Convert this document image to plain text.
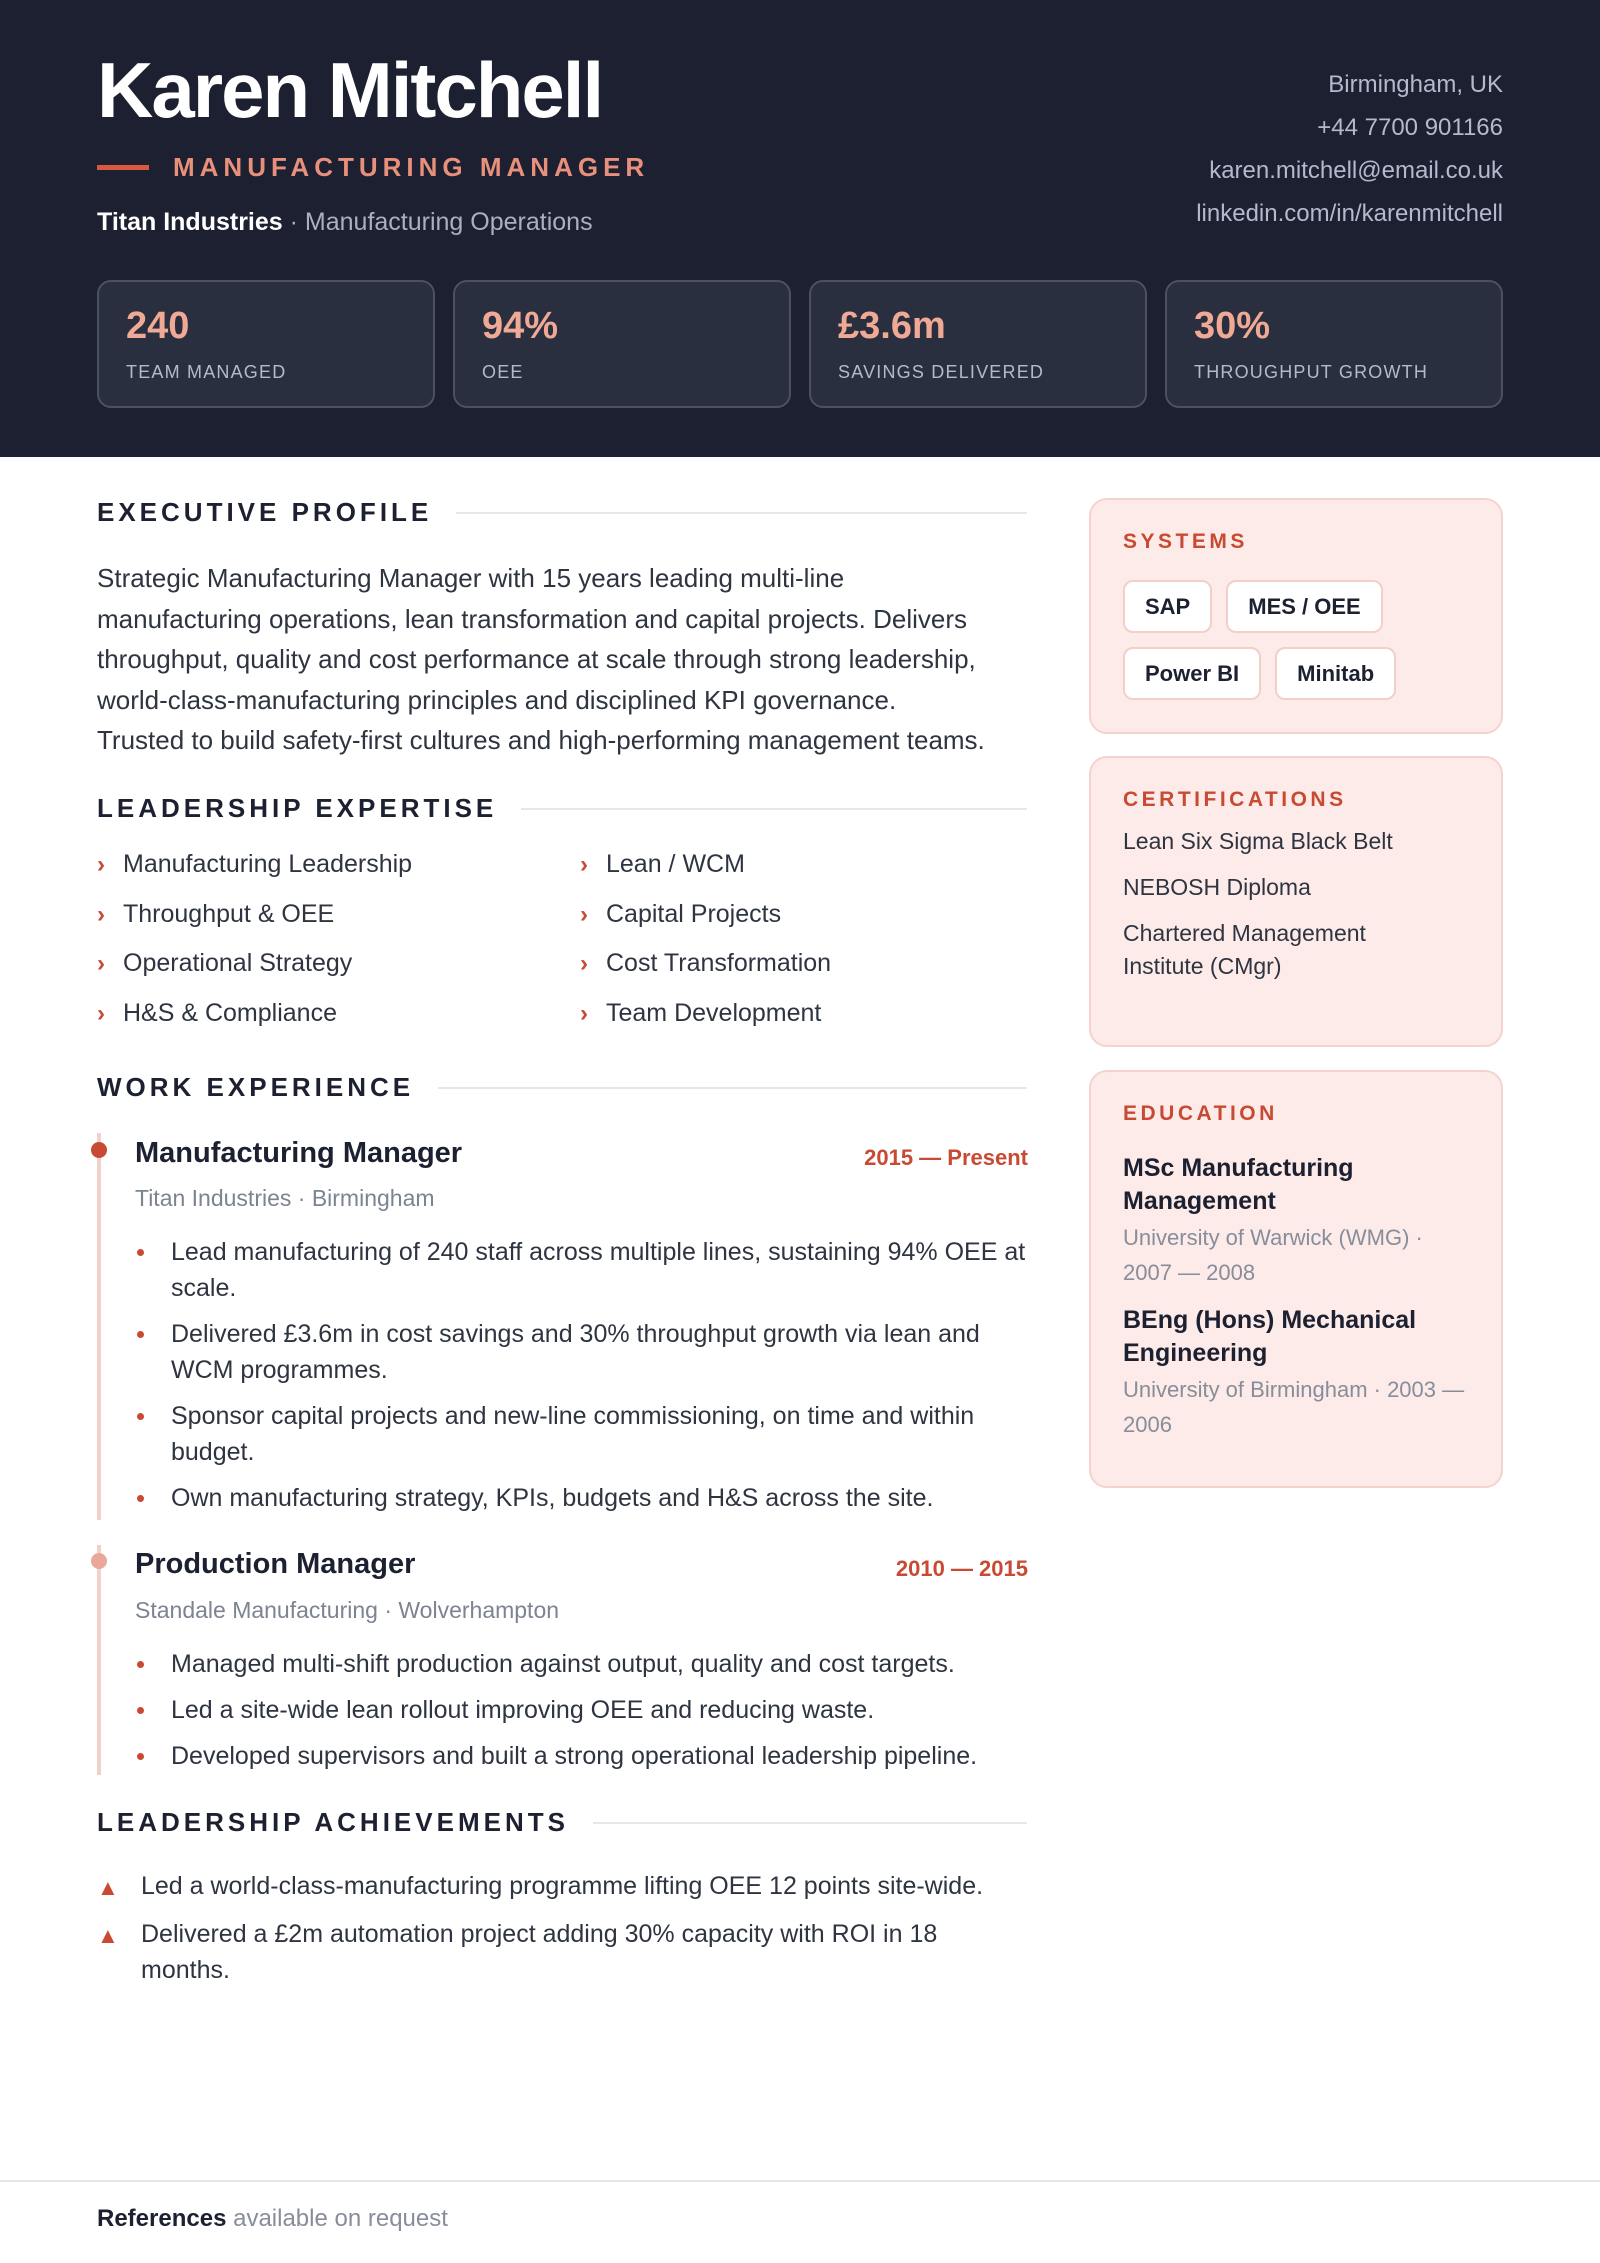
Karen Mitchell
MANUFACTURING MANAGER
Titan Industries · Manufacturing Operations
Birmingham, UK
+44 7700 901166
karen.mitchell@email.co.uk
linkedin.com/in/karenmitchell
240
TEAM MANAGED
94%
OEE
£3.6m
SAVINGS DELIVERED
30%
THROUGHPUT GROWTH
EXECUTIVE PROFILE
Strategic Manufacturing Manager with 15 years leading multi-line
manufacturing operations, lean transformation and capital projects. Delivers
throughput, quality and cost performance at scale through strong leadership,
world-class-manufacturing principles and disciplined KPI governance.
Trusted to build safety-first cultures and high-performing management teams.
LEADERSHIP EXPERTISE
› Manufacturing Leadership	› Lean / WCM
› Throughput & OEE	› Capital Projects
› Operational Strategy	› Cost Transformation
› H&S & Compliance	› Team Development
WORK EXPERIENCE
Manufacturing Manager	2015 — Present
Titan Industries · Birmingham
Lead manufacturing of 240 staff across multiple lines, sustaining 94% OEE at scale.
Delivered £3.6m in cost savings and 30% throughput growth via lean and WCM programmes.
Sponsor capital projects and new-line commissioning, on time and within budget.
Own manufacturing strategy, KPIs, budgets and H&S across the site.
Production Manager	2010 — 2015
Standale Manufacturing · Wolverhampton
Managed multi-shift production against output, quality and cost targets.
Led a site-wide lean rollout improving OEE and reducing waste.
Developed supervisors and built a strong operational leadership pipeline.
LEADERSHIP ACHIEVEMENTS
▲ Led a world-class-manufacturing programme lifting OEE 12 points site-wide.
▲ Delivered a £2m automation project adding 30% capacity with ROI in 18 months.
SYSTEMS
SAP	MES / OEE
Power BI	Minitab
CERTIFICATIONS
Lean Six Sigma Black Belt
NEBOSH Diploma
Chartered Management Institute (CMgr)
EDUCATION
MSc Manufacturing Management
University of Warwick (WMG) · 2007 — 2008
BEng (Hons) Mechanical Engineering
University of Birmingham · 2003 — 2006
References available on request
